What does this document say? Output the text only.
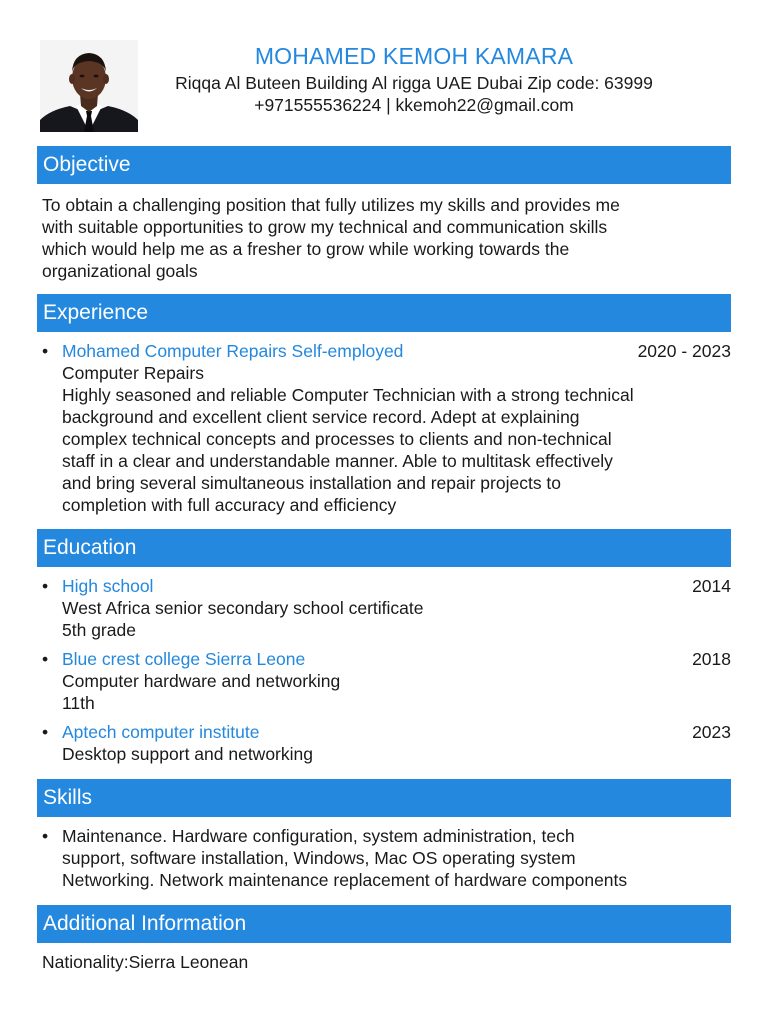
MOHAMED KEMOH KAMARA
Riqqa Al Buteen Building Al rigga UAE Dubai Zip code: 63999
+971555536224 | kkemoh22@gmail.com
Objective
To obtain a challenging position that fully utilizes my skills and provides me
with suitable opportunities to grow my technical and communication skills
which would help me as a fresher to grow while working towards the
organizational goals
Experience
• Mohamed Computer Repairs Self-employed
Computer Repairs
Highly seasoned and reliable Computer Technician with a strong technical
background and excellent client service record. Adept at explaining
complex technical concepts and processes to clients and non-technical
staff in a clear and understandable manner. Able to multitask effectively
and bring several simultaneous installation and repair projects to
completion with full accuracy and efficiency
2020 - 2023
Education
• High school
West Africa senior secondary school certificate
5th grade
2014
• Blue crest college Sierra Leone
Computer hardware and networking
11th
2018
• Aptech computer institute
Desktop support and networking
2023
Skills
• Maintenance. Hardware configuration, system administration, tech
support, software installation, Windows, Mac OS operating system
Networking. Network maintenance replacement of hardware components
Additional Information
Nationality:Sierra Leonean
